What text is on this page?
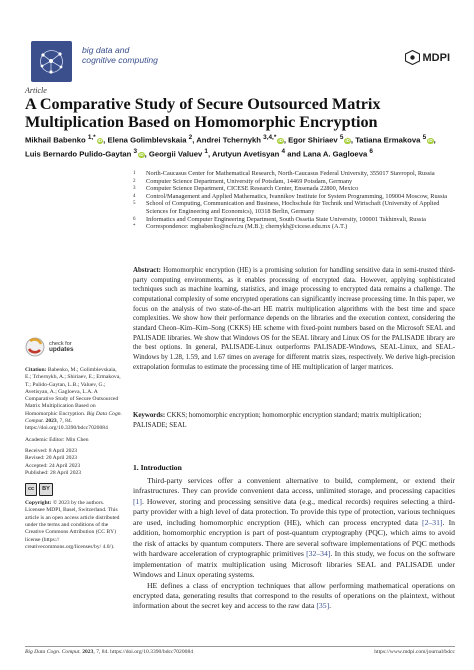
big data and
cognitive computing	MDPI
Article
A Comparative Study of Secure Outsourced Matrix
Multiplication Based on Homomorphic Encryption
Mikhail Babenko $^{1,*}$ iD, Elena Golimblevskaia $^2$, Andrei Tchernykh $^{3,4,*}$ iD, Egor Shiriaev $^5$ iD, Tatiana Ermakova $^5$ iD,
Luis Bernardo Pulido-Gaytan $^3$ iD, Georgii Valuev $^1$, Arutyun Avetisyan $^4$ and Lana A. Gagloeva $^6$
1 North-Caucasus Center for Mathematical Research, North-Caucasus Federal University, 355017 Stavropol, Russia
2 Computer Science Department, University of Potsdam, 14469 Potsdam, Germany
3 Computer Science Department, CICESE Research Center, Ensenada 22800, Mexico
4 Control/Management and Applied Mathematics, Ivannikov Institute for System Programming, 109004 Moscow, Russia
5 School of Computing, Communication and Business, Hochschule für Technik und Wirtschaft (University of Applied Sciences for Engineering and Economics), 10318 Berlin, Germany
6 Informatics and Computer Engineering Department, South Ossetia State University, 100001 Tskhinvali, Russia
* Correspondence: mgbabenko@ncfu.ru (M.B.); chernykh@cicese.edu.mx (A.T.)
Abstract: Homomorphic encryption (HE) is a promising solution for handling sensitive data in semi-trusted third-party computing environments, as it enables processing of encrypted data. However, applying sophisticated techniques such as machine learning, statistics, and image processing to encrypted data remains a challenge. The computational complexity of some encrypted operations can significantly increase processing time. In this paper, we focus on the analysis of two state-of-the-art HE matrix multiplication algorithms with the best time and space complexities. We show how their performance depends on the libraries and the execution context, considering the standard Cheon–Kim–Kim–Song (CKKS) HE scheme with fixed-point numbers based on the Microsoft SEAL and PALISADE libraries. We show that Windows OS for the SEAL library and Linux OS for the PALISADE library are the best options. In general, PALISADE-Linux outperforms PALISADE-Windows, SEAL-Linux, and SEAL-Windows by 1.28, 1.59, and 1.67 times on average for different matrix sizes, respectively. We derive high-precision extrapolation formulas to estimate the processing time of HE multiplication of larger matrices.
Keywords: CKKS; homomorphic encryption; homomorphic encryption standard; matrix multiplication; PALISADE; SEAL
check for
updates
Citation: Babenko, M.; Golimblevskaia, E.; Tchernykh, A.; Shiriaev, E.; Ermakova, T.; Pulido-Gaytan, L.B.; Valuev, G.; Avetisyan, A.; Gagloeva, L.A. A Comparative Study of Secure Outsourced Matrix Multiplication Based on Homomorphic Encryption. Big Data Cogn. Comput. 2023, 7, 84. https://doi.org/10.3390/bdcc7020084
Academic Editor: Min Chen
Received: 8 April 2023
Revised: 20 April 2023
Accepted: 24 April 2023
Published: 28 April 2023
cc	BY
Copyright: © 2023 by the authors. Licensee MDPI, Basel, Switzerland. This article is an open access article distributed under the terms and conditions of the Creative Commons Attribution (CC BY) license (https:// creativecommons.org/licenses/by/ 4.0/).
1. Introduction

Third-party services offer a convenient alternative to build, complement, or extend their infrastructures. They can provide convenient data access, unlimited storage, and processing capacities [1]. However, storing and processing sensitive data (e.g., medical records) requires selecting a third-party provider with a high level of data protection. To provide this type of protection, various techniques are used, including homomorphic encryption (HE), which can process encrypted data [2–31]. In addition, homomorphic encryption is part of post-quantum cryptography (PQC), which aims to avoid the risk of attacks by quantum computers. There are several software implementations of PQC methods with hardware acceleration of cryptographic primitives [32–34]. In this study, we focus on the software implementation of matrix multiplication using Microsoft libraries SEAL and PALISADE under Windows and Linux operating systems.

HE defines a class of encryption techniques that allow performing mathematical operations on encrypted data, generating results that correspond to the results of operations on the plaintext, without information about the secret key and access to the raw data [35].

Big Data Cogn. Comput. 2023, 7, 84. https://doi.org/10.3390/bdcc7020084	https://www.mdpi.com/journal/bdcc
